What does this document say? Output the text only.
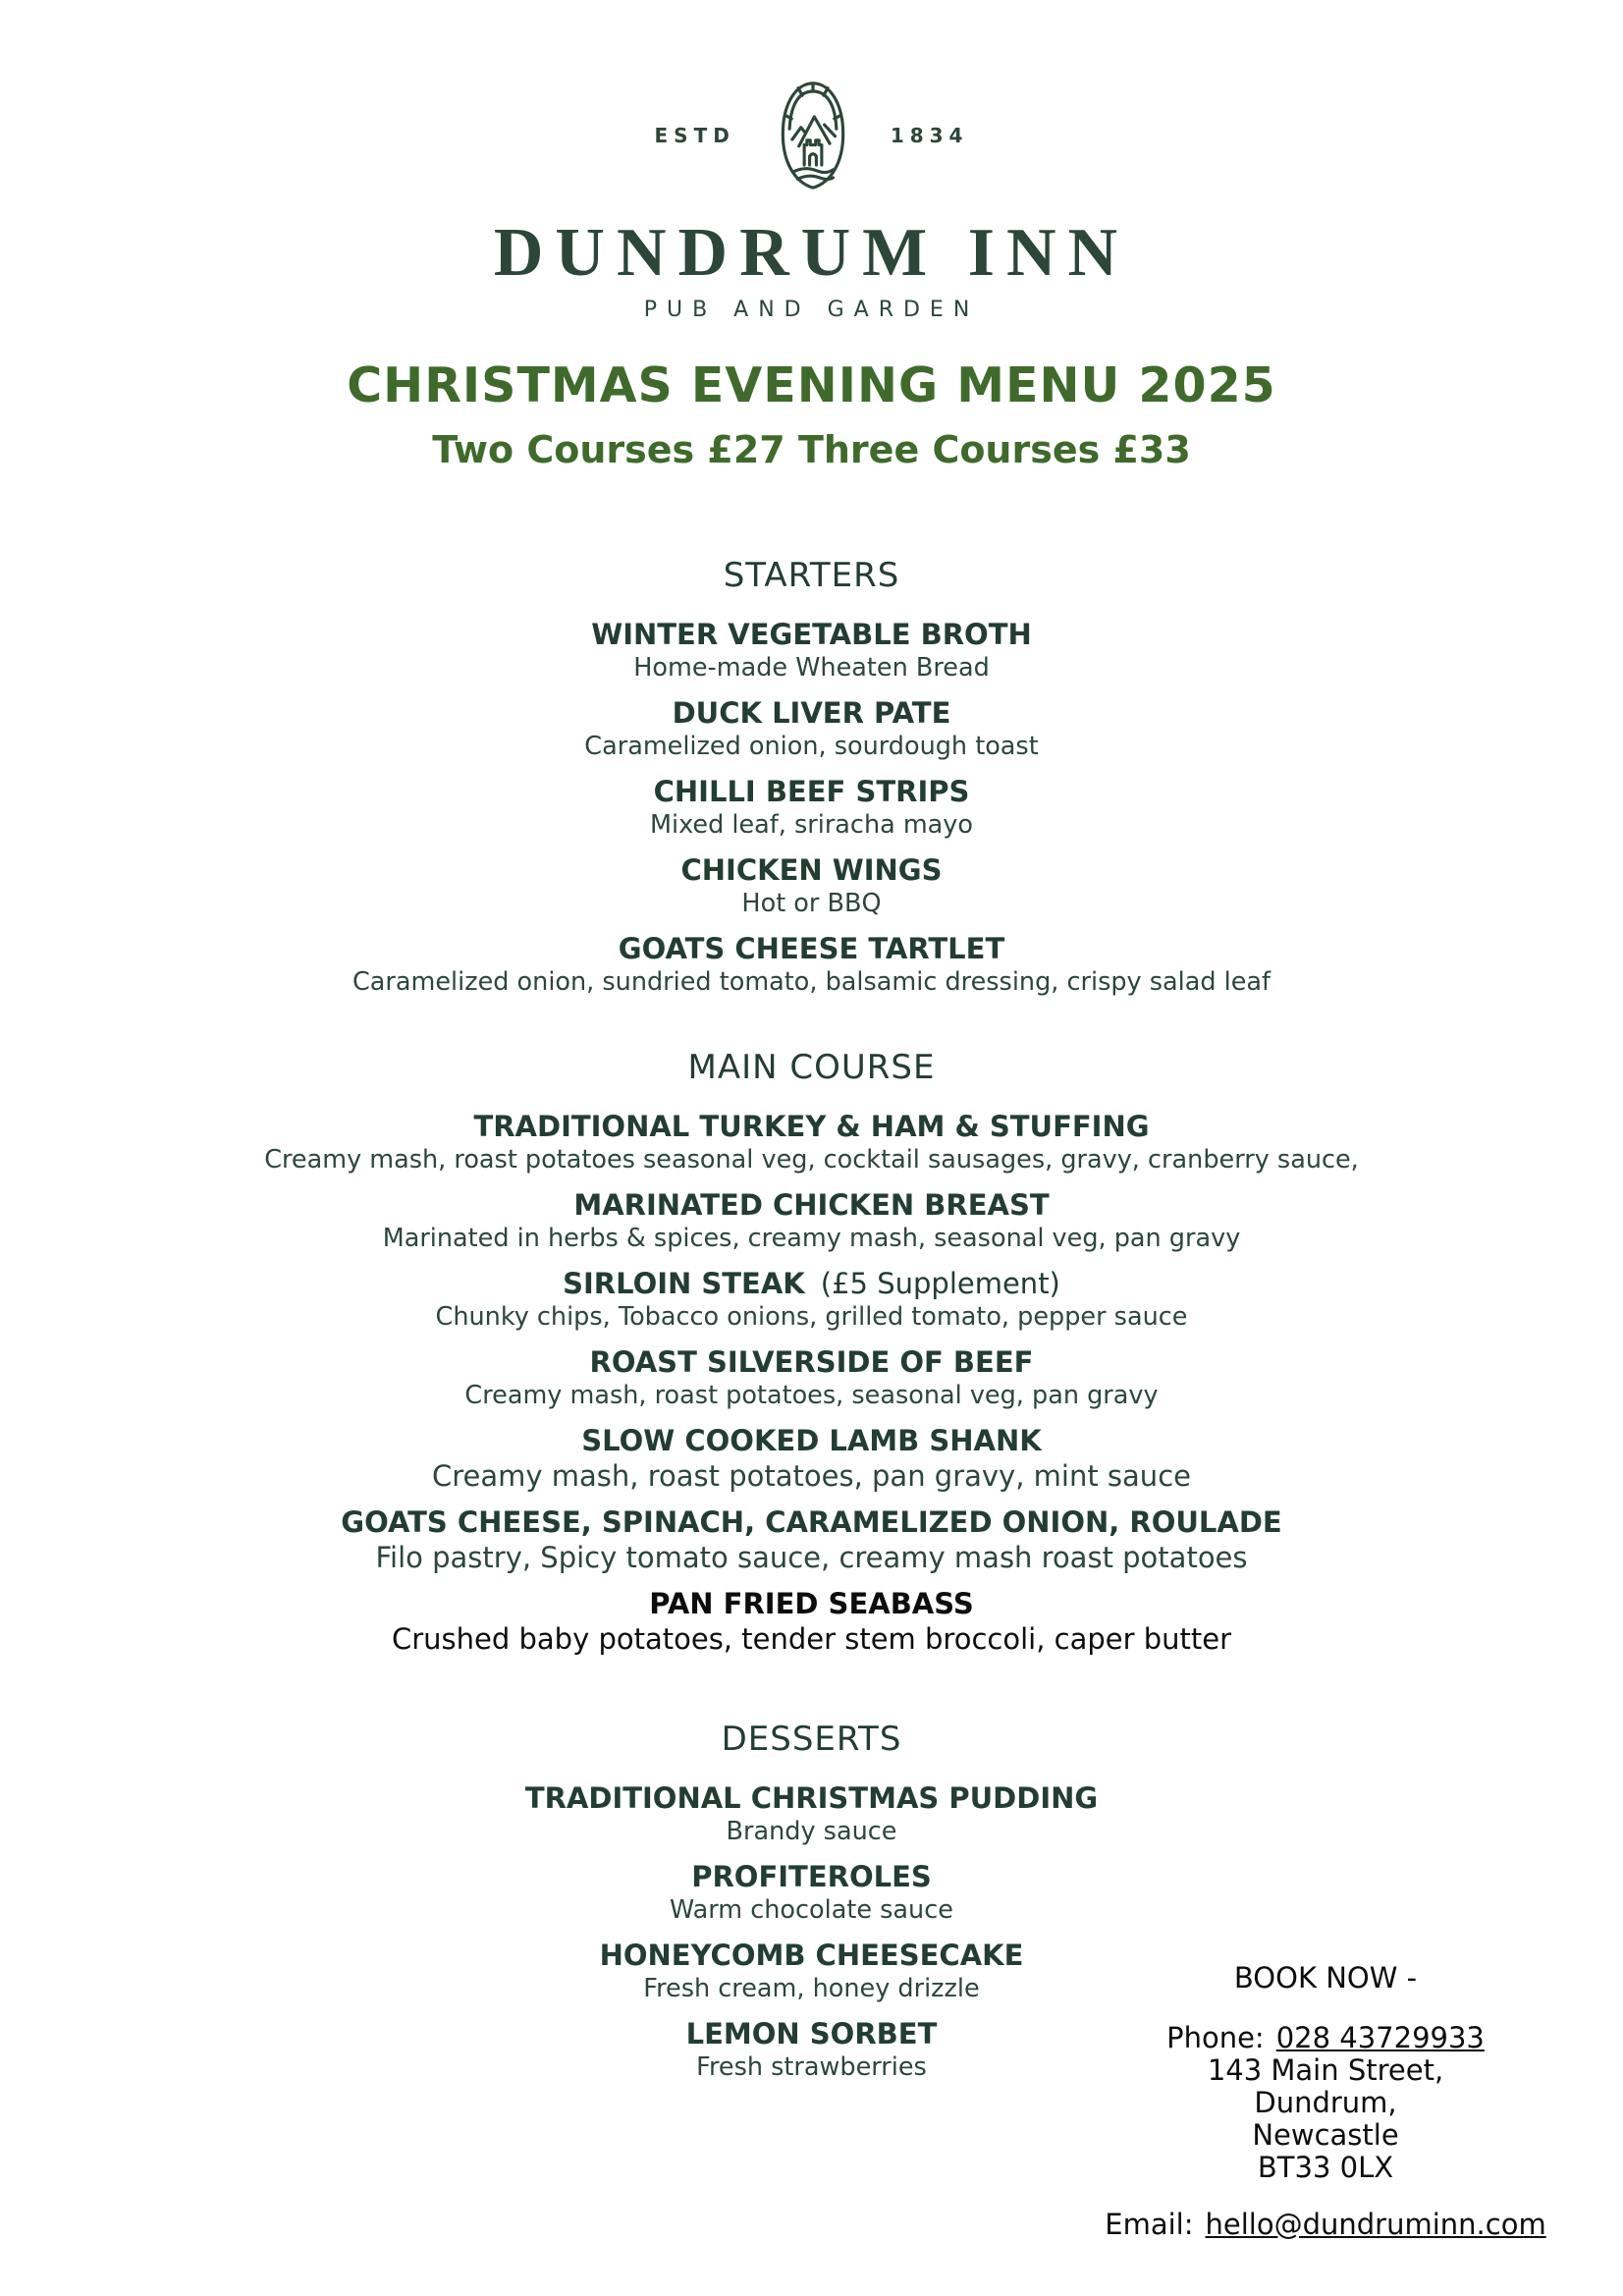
ESTD	1834
DUNDRUM INN
PUB AND GARDEN
CHRISTMAS EVENING MENU 2025
Two Courses £27 Three Courses £33
STARTERS
WINTER VEGETABLE BROTH
Home-made Wheaten Bread
DUCK LIVER PATE
Caramelized onion, sourdough toast
CHILLI BEEF STRIPS
Mixed leaf, sriracha mayo
CHICKEN WINGS
Hot or BBQ
GOATS CHEESE TARTLET
Caramelized onion, sundried tomato, balsamic dressing, crispy salad leaf
MAIN COURSE
TRADITIONAL TURKEY & HAM & STUFFING
Creamy mash, roast potatoes seasonal veg, cocktail sausages, gravy, cranberry sauce,
MARINATED CHICKEN BREAST
Marinated in herbs & spices, creamy mash, seasonal veg, pan gravy
SIRLOIN STEAK (£5 Supplement)
Chunky chips, Tobacco onions, grilled tomato, pepper sauce
ROAST SILVERSIDE OF BEEF
Creamy mash, roast potatoes, seasonal veg, pan gravy
SLOW COOKED LAMB SHANK
Creamy mash, roast potatoes, pan gravy, mint sauce
GOATS CHEESE, SPINACH, CARAMELIZED ONION, ROULADE
Filo pastry, Spicy tomato sauce, creamy mash roast potatoes
PAN FRIED SEABASS
Crushed baby potatoes, tender stem broccoli, caper butter
DESSERTS
TRADITIONAL CHRISTMAS PUDDING
Brandy sauce
PROFITEROLES
Warm chocolate sauce
HONEYCOMB CHEESECAKE
Fresh cream, honey drizzle
LEMON SORBET
Fresh strawberries
BOOK NOW -
Phone: 028 43729933
143 Main Street,
Dundrum,
Newcastle
BT33 0LX
Email: hello@dundruminn.com
